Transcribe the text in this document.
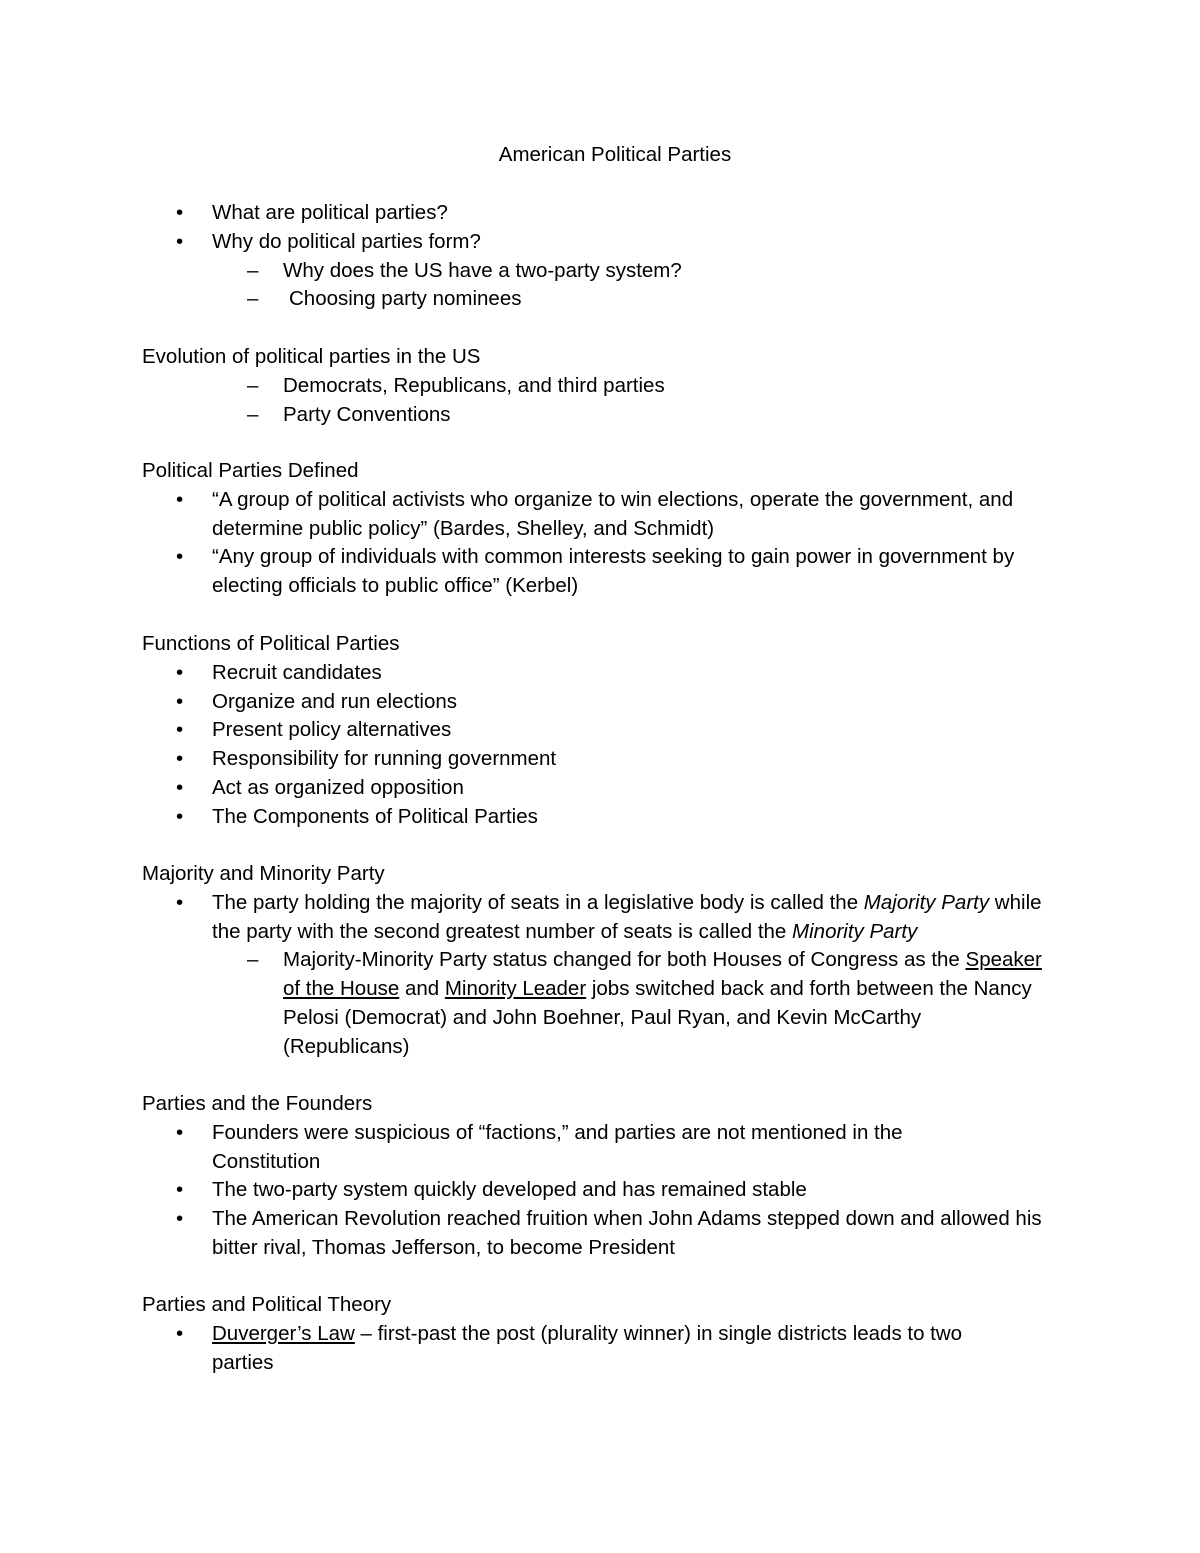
American Political Parties
• What are political parties?
• Why do political parties form?
– Why does the US have a two-party system?
– Choosing party nominees

Evolution of political parties in the US

– Democrats, Republicans, and third parties
– Party Conventions

Political Parties Defined

• “A group of political activists who organize to win elections, operate the government, and determine public policy” (Bardes, Shelley, and Schmidt)
• “Any group of individuals with common interests seeking to gain power in government by electing officials to public office” (Kerbel)

Functions of Political Parties

• Recruit candidates
• Organize and run elections
• Present policy alternatives
• Responsibility for running government
• Act as organized opposition
• The Components of Political Parties

Majority and Minority Party

• The party holding the majority of seats in a legislative body is called the Majority Party while the party with the second greatest number of seats is called the Minority Party
– Majority-Minority Party status changed for both Houses of Congress as the Speaker of the House and Minority Leader jobs switched back and forth between the Nancy Pelosi (Democrat) and John Boehner, Paul Ryan, and Kevin McCarthy (Republicans)

Parties and the Founders

• Founders were suspicious of “factions,” and parties are not mentioned in the Constitution
• The two-party system quickly developed and has remained stable
• The American Revolution reached fruition when John Adams stepped down and allowed his bitter rival, Thomas Jefferson, to become President

Parties and Political Theory

• Duverger’s Law – first-past the post (plurality winner) in single districts leads to two parties
